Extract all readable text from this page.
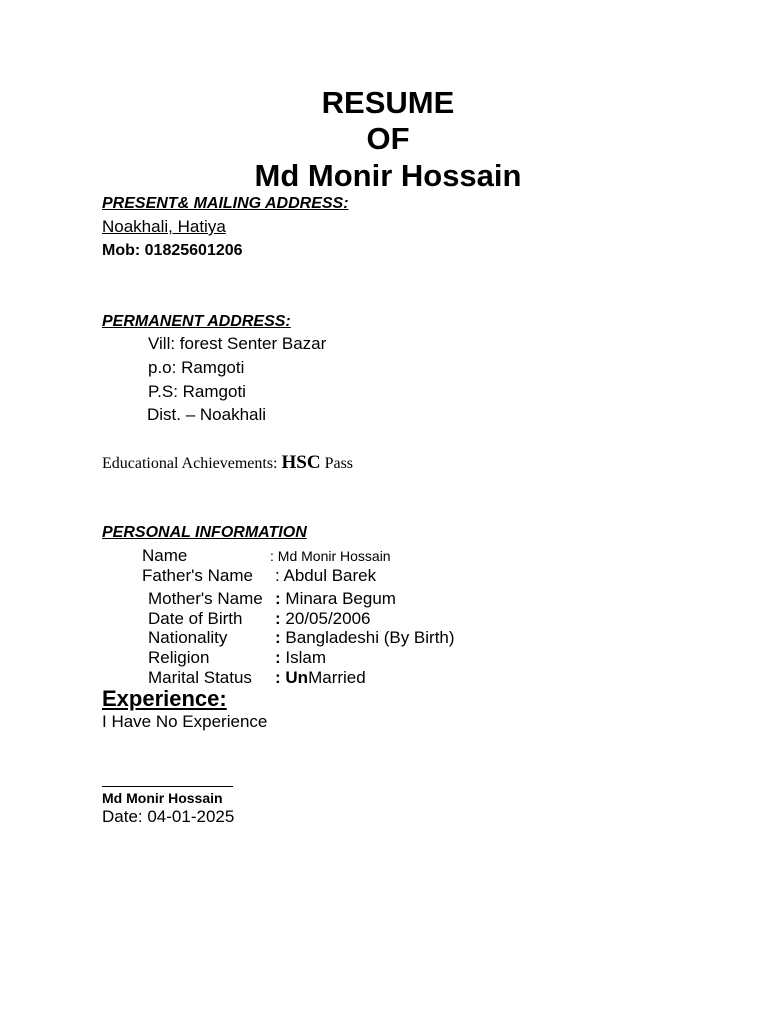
RESUME
OF
Md Monir Hossain
PRESENT& MAILING ADDRESS:
Noakhali, Hatiya
Mob: 01825601206
PERMANENT ADDRESS:
Vill: forest Senter Bazar
p.o: Ramgoti
P.S: Ramgoti
Dist. – Noakhali
Educational Achievements: HSC Pass
PERSONAL INFORMATION
Name	: Md Monir Hossain
Father's Name : Abdul Barek
Mother's Name : Minara Begum
Date of Birth : 20/05/2006
Nationality	: Bangladeshi (By Birth)
Religion	: Islam
Marital Status : UnMarried
Experience:
I Have No Experience
Md Monir Hossain
Date: 04-01-2025
